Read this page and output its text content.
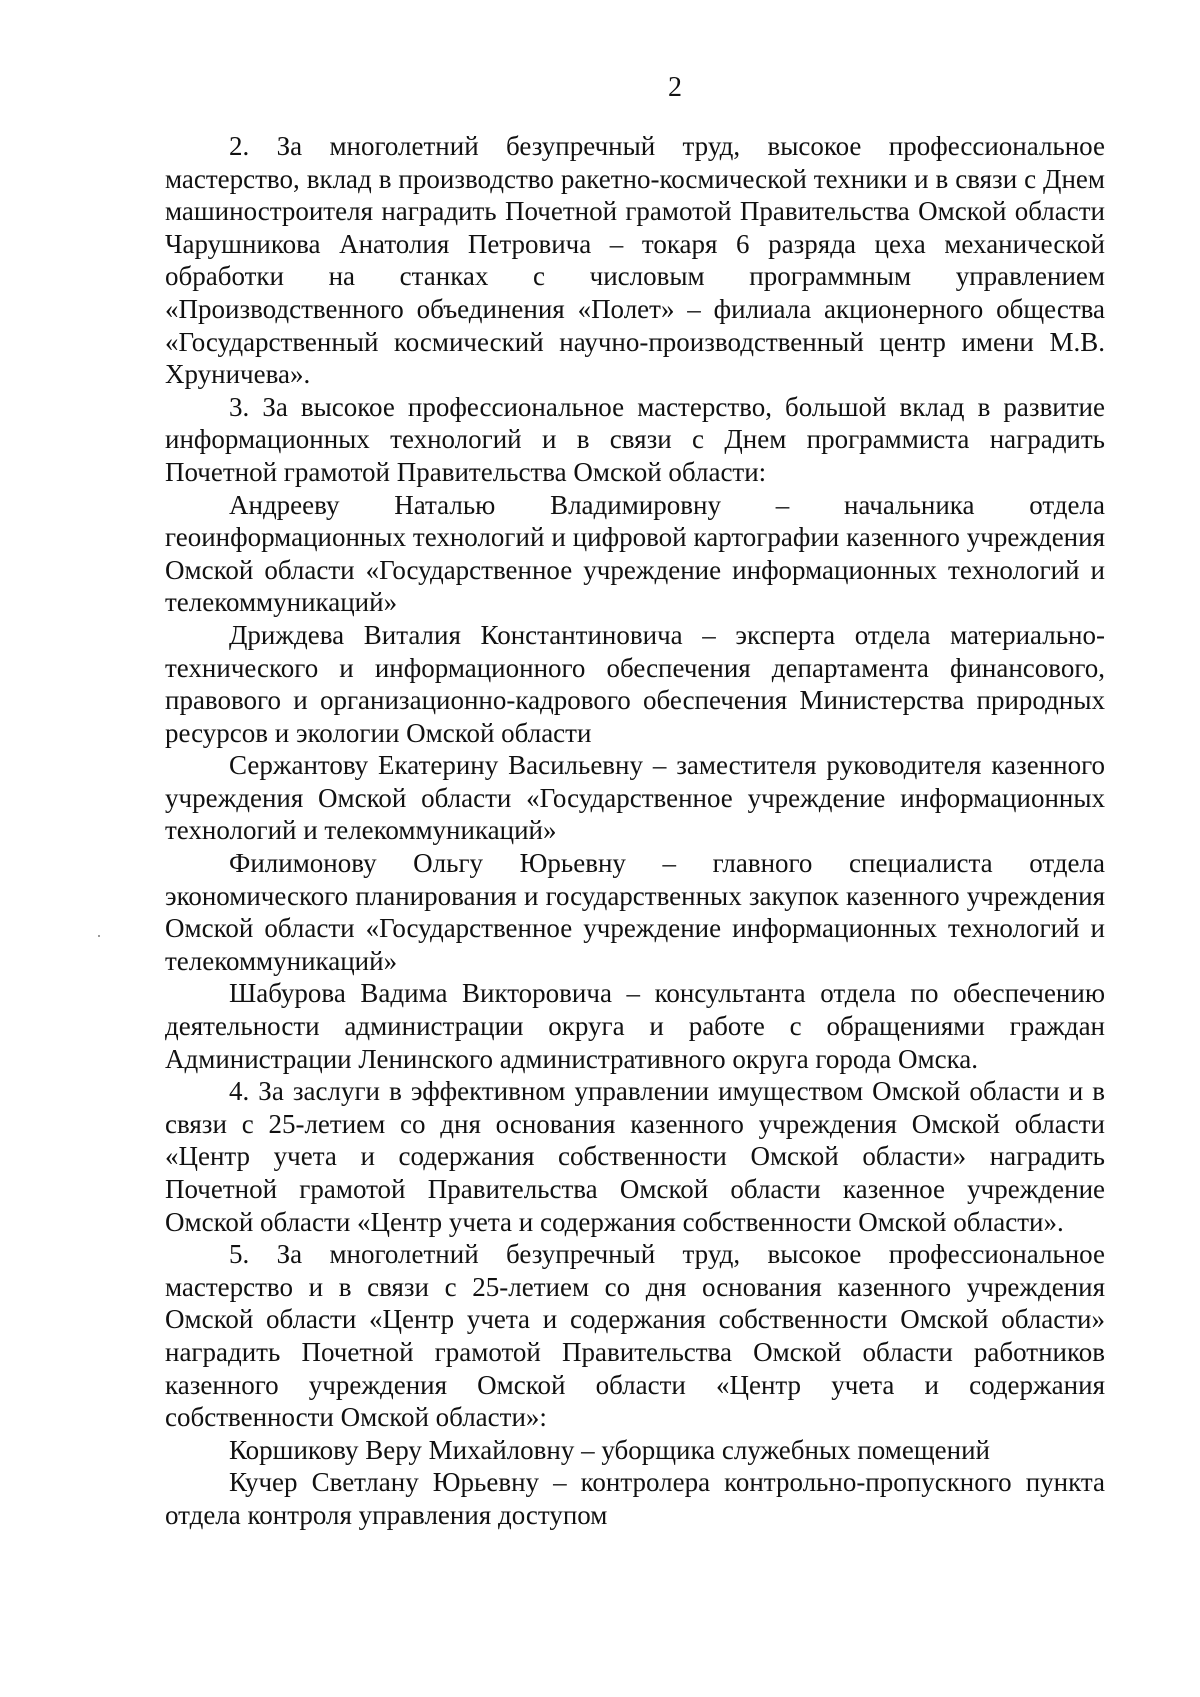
2

2. За многолетний безупречный труд, высокое профессиональное мастерство, вклад в производство ракетно-космической техники и в связи с Днем машиностроителя наградить Почетной грамотой Правительства Омской области Чарушникова Анатолия Петровича – токаря 6 разряда цеха механической обработки на станках с числовым программным управлением «Производственного объединения «Полет» – филиала акционерного общества «Государственный космический научно-производственный центр имени М.В. Хруничева».

3. За высокое профессиональное мастерство, большой вклад в развитие информационных технологий и в связи с Днем программиста наградить Почетной грамотой Правительства Омской области:

Андрееву Наталью Владимировну – начальника отдела геоинформационных технологий и цифровой картографии казенного учреждения Омской области «Государственное учреждение информационных технологий и телекоммуникаций»

Дриждева Виталия Константиновича – эксперта отдела материально-технического и информационного обеспечения департамента финансового, правового и организационно-кадрового обеспечения Министерства природных ресурсов и экологии Омской области

Сержантову Екатерину Васильевну – заместителя руководителя казенного учреждения Омской области «Государственное учреждение информационных технологий и телекоммуникаций»

Филимонову Ольгу Юрьевну – главного специалиста отдела экономического планирования и государственных закупок казенного учреждения Омской области «Государственное учреждение информационных технологий и телекоммуникаций»

Шабурова Вадима Викторовича – консультанта отдела по обеспечению деятельности администрации округа и работе с обращениями граждан Администрации Ленинского административного округа города Омска.

4. За заслуги в эффективном управлении имуществом Омской области и в связи с 25-летием со дня основания казенного учреждения Омской области «Центр учета и содержания собственности Омской области» наградить Почетной грамотой Правительства Омской области казенное учреждение Омской области «Центр учета и содержания собственности Омской области».

5. За многолетний безупречный труд, высокое профессиональное мастерство и в связи с 25-летием со дня основания казенного учреждения Омской области «Центр учета и содержания собственности Омской области» наградить Почетной грамотой Правительства Омской области работников казенного учреждения Омской области «Центр учета и содержания собственности Омской области»:

Коршикову Веру Михайловну – уборщика служебных помещений

Кучер Светлану Юрьевну – контролера контрольно-пропускного пункта отдела контроля управления доступом
